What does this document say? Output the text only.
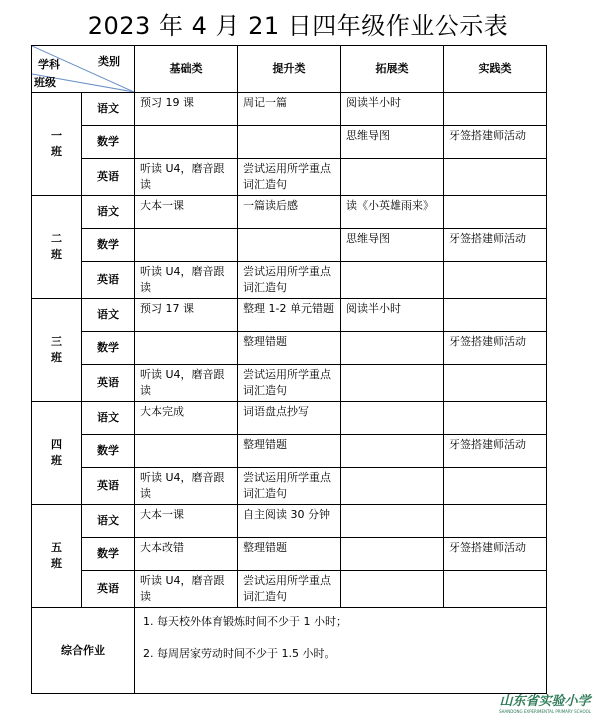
2023 年 4 月 21 日四年级作业公示表
类别
学科
班级		基础类	提升类	拓展类	实践类
一
班	语文	预习 19 课	周记一篇	阅读半小时	
	数学			思维导图	牙签搭建师活动
	英语	听读 U4，磨音跟读	尝试运用所学重点词汇造句		
二
班	语文	大本一课	一篇读后感	读《小英雄雨来》	
	数学			思维导图	牙签搭建师活动
	英语	听读 U4，磨音跟读	尝试运用所学重点词汇造句		
三
班	语文	预习 17 课	整理 1-2 单元错题	阅读半小时	
	数学		整理错题		牙签搭建师活动
	英语	听读 U4，磨音跟读	尝试运用所学重点词汇造句		
四
班	语文	大本完成	词语盘点抄写		
	数学		整理错题		牙签搭建师活动
	英语	听读 U4，磨音跟读	尝试运用所学重点词汇造句		
五
班	语文	大本一课	自主阅读 30 分钟		
	数学	大本改错	整理错题		牙签搭建师活动
	英语	听读 U4，磨音跟读	尝试运用所学重点词汇造句		
综合作业		1. 每天校外体育锻炼时间不少于 1 小时；

2. 每周居家劳动时间不少于 1.5 小时。			

山东省实验小学
SHANDONG EXPERIMENTAL PRIMARY SCHOOL
